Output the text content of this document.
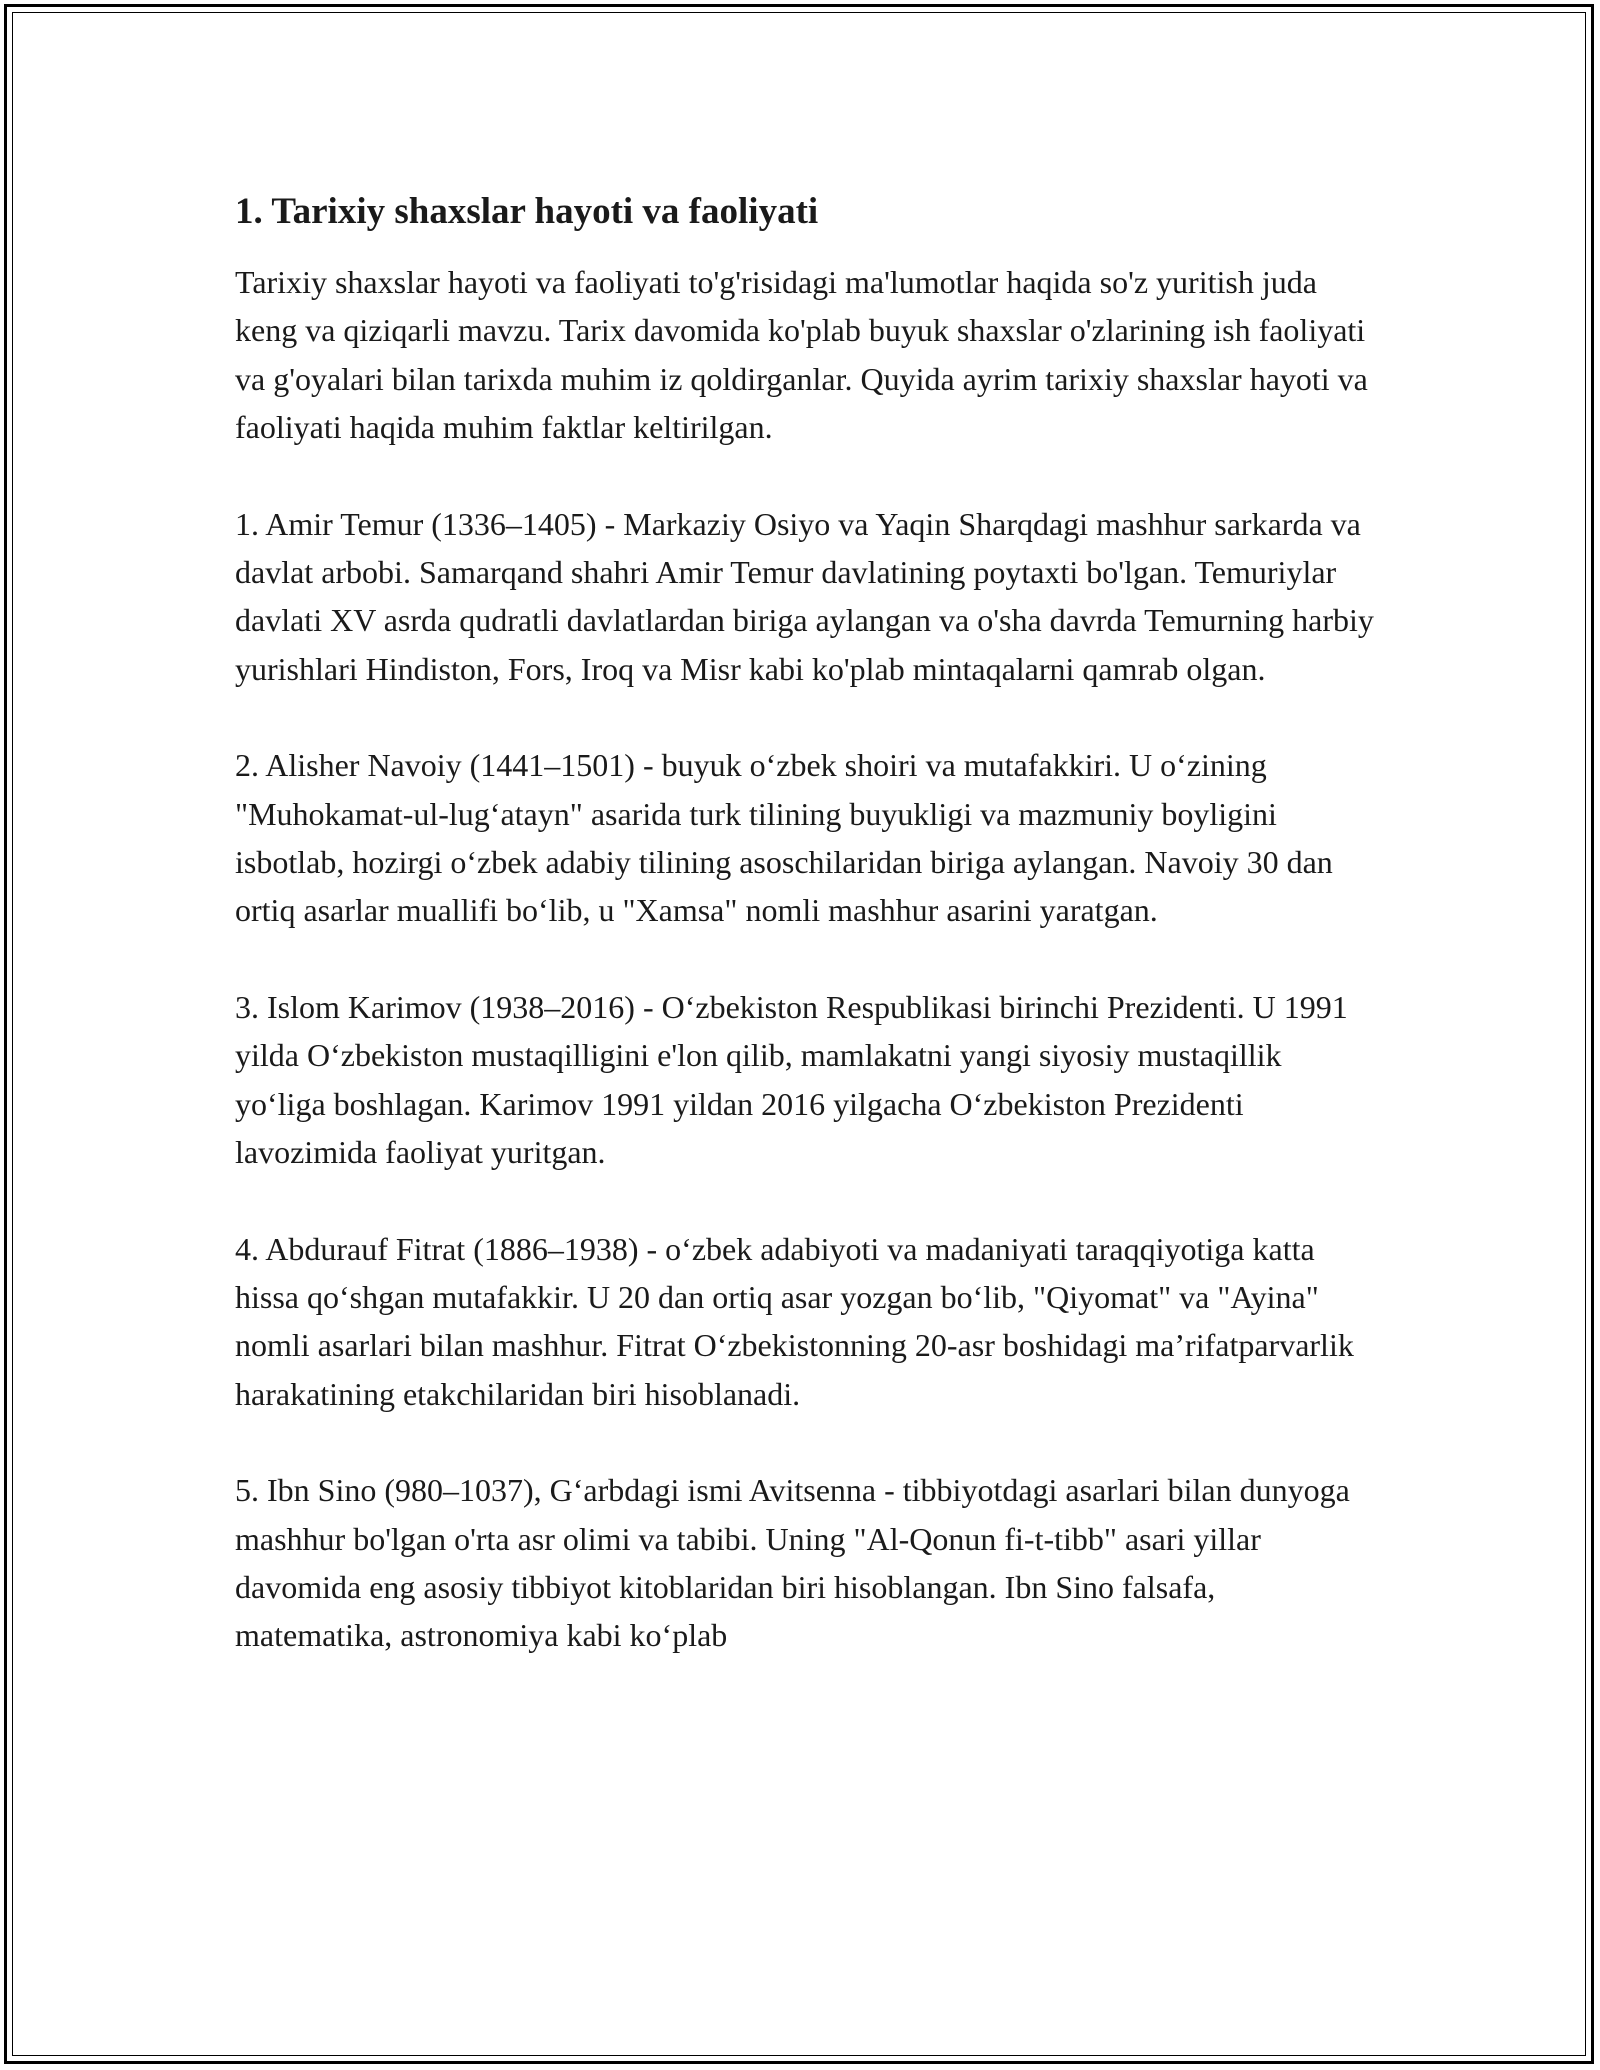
1. Tarixiy shaxslar hayoti va faoliyati

Tarixiy shaxslar hayoti va faoliyati to'g'risidagi ma'lumotlar haqida so'z yuritish juda keng va qiziqarli mavzu. Tarix davomida ko'plab buyuk shaxslar o'zlarining ish faoliyati va g'oyalari bilan tarixda muhim iz qoldirganlar. Quyida ayrim tarixiy shaxslar hayoti va faoliyati haqida muhim faktlar keltirilgan.

1. Amir Temur (1336–1405) - Markaziy Osiyo va Yaqin Sharqdagi mashhur sarkarda va davlat arbobi. Samarqand shahri Amir Temur davlatining poytaxti bo'lgan. Temuriylar davlati XV asrda qudratli davlatlardan biriga aylangan va o'sha davrda Temurning harbiy yurishlari Hindiston, Fors, Iroq va Misr kabi ko'plab mintaqalarni qamrab olgan.

2. Alisher Navoiy (1441–1501) - buyuk o‘zbek shoiri va mutafakkiri. U o‘zining "Muhokamat-ul-lug‘atayn" asarida turk tilining buyukligi va mazmuniy boyligini isbotlab, hozirgi o‘zbek adabiy tilining asoschilaridan biriga aylangan. Navoiy 30 dan ortiq asarlar muallifi bo‘lib, u "Xamsa" nomli mashhur asarini yaratgan.

3. Islom Karimov (1938–2016) - O‘zbekiston Respublikasi birinchi Prezidenti. U 1991 yilda O‘zbekiston mustaqilligini e'lon qilib, mamlakatni yangi siyosiy mustaqillik yo‘liga boshlagan. Karimov 1991 yildan 2016 yilgacha O‘zbekiston Prezidenti lavozimida faoliyat yuritgan.

4. Abdurauf Fitrat (1886–1938) - o‘zbek adabiyoti va madaniyati taraqqiyotiga katta hissa qo‘shgan mutafakkir. U 20 dan ortiq asar yozgan bo‘lib, "Qiyomat" va "Ayina" nomli asarlari bilan mashhur. Fitrat O‘zbekistonning 20-asr boshidagi ma’rifatparvarlik harakatining etakchilaridan biri hisoblanadi.

5. Ibn Sino (980–1037), G‘arbdagi ismi Avitsenna - tibbiyotdagi asarlari bilan dunyoga mashhur bo'lgan o'rta asr olimi va tabibi. Uning "Al-Qonun fi-t-tibb" asari yillar davomida eng asosiy tibbiyot kitoblaridan biri hisoblangan. Ibn Sino falsafa, matematika, astronomiya kabi ko‘plab
